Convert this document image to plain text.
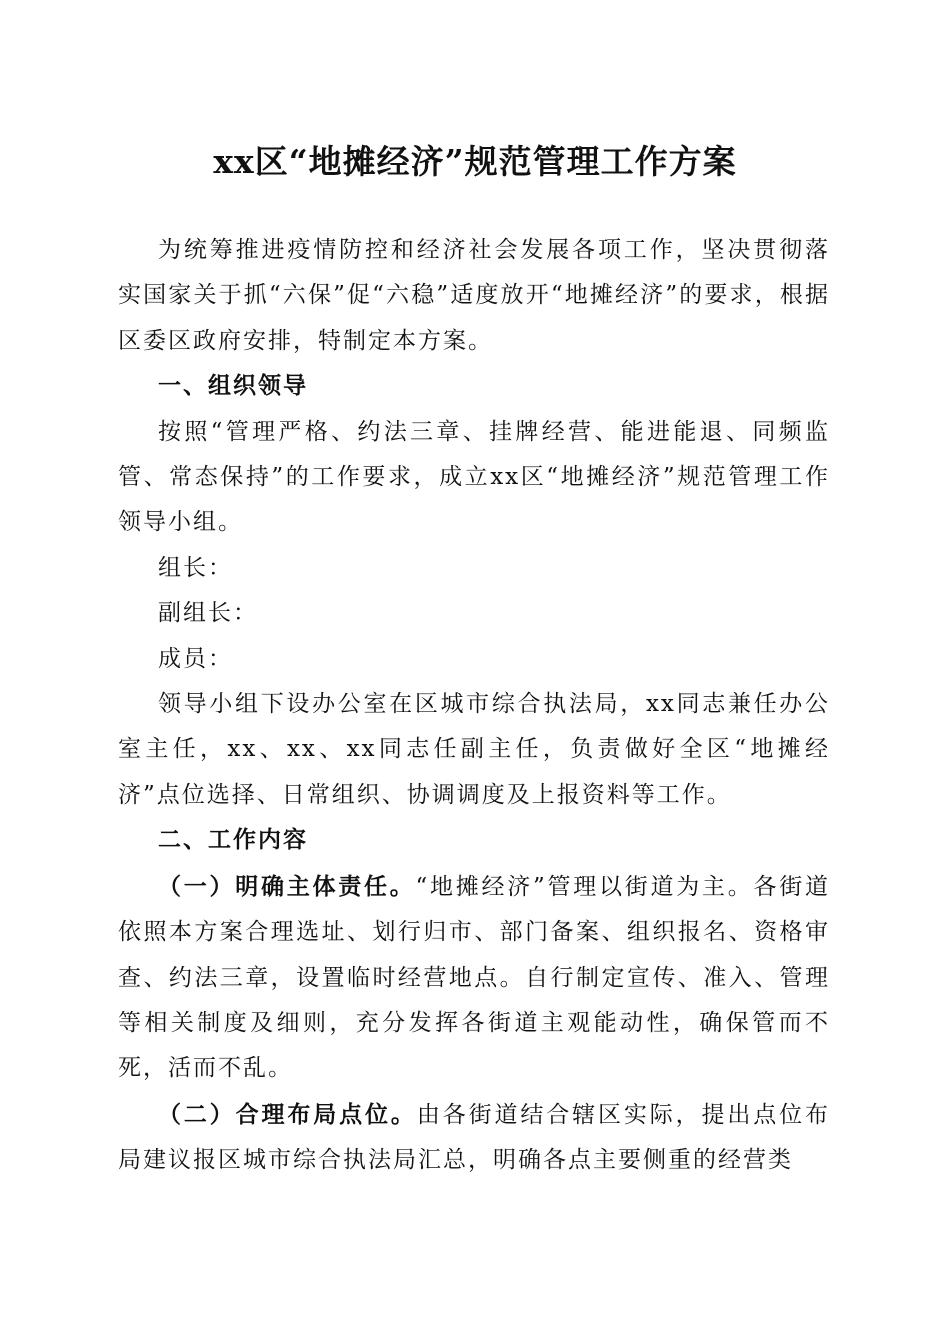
xx区“地摊经济”规范管理工作方案

为统筹推进疫情防控和经济社会发展各项工作，坚决贯彻落实国家关于抓“六保”促“六稳”适度放开“地摊经济”的要求，根据区委区政府安排，特制定本方案。

一、组织领导

按照“管理严格、约法三章、挂牌经营、能进能退、同频监管、常态保持”的工作要求，成立xx区“地摊经济”规范管理工作领导小组。

组长：

副组长：

成员：

领导小组下设办公室在区城市综合执法局，xx同志兼任办公室主任，xx、xx、xx同志任副主任，负责做好全区“地摊经济”点位选择、日常组织、协调调度及上报资料等工作。

二、工作内容

（一）明确主体责任。“地摊经济”管理以街道为主。各街道依照本方案合理选址、划行归市、部门备案、组织报名、资格审查、约法三章，设置临时经营地点。自行制定宣传、准入、管理等相关制度及细则，充分发挥各街道主观能动性，确保管而不死，活而不乱。

（二）合理布局点位。由各街道结合辖区实际，提出点位布局建议报区城市综合执法局汇总，明确各点主要侧重的经营类
